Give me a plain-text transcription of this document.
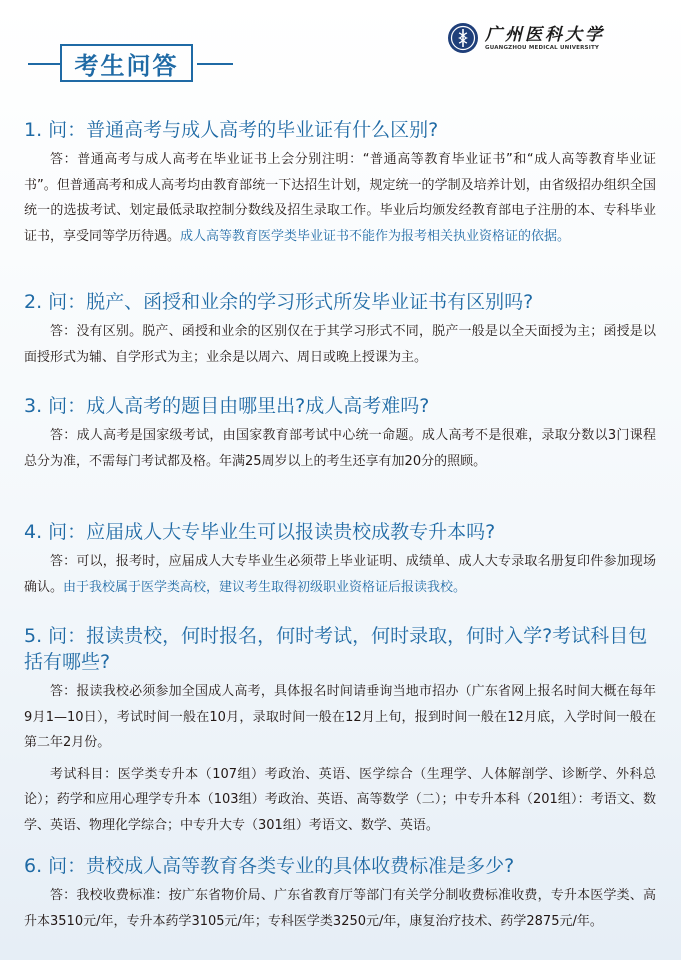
考生问答
广州医科大学
GUANGZHOU MEDICAL UNIVERSITY
1. 问：普通高考与成人高考的毕业证有什么区别?

答：普通高考与成人高考在毕业证书上会分别注明：“普通高等教育毕业证书”和“成人高等教育毕业证书”。但普通高考和成人高考均由教育部统一下达招生计划，规定统一的学制及培养计划，由省级招办组织全国统一的选拔考试、划定最低录取控制分数线及招生录取工作。毕业后均颁发经教育部电子注册的本、专科毕业证书，享受同等学历待遇。成人高等教育医学类毕业证书不能作为报考相关执业资格证的依据。

2. 问：脱产、函授和业余的学习形式所发毕业证书有区别吗?

答：没有区别。脱产、函授和业余的区别仅在于其学习形式不同，脱产一般是以全天面授为主；函授是以面授形式为辅、自学形式为主；业余是以周六、周日或晚上授课为主。

3. 问：成人高考的题目由哪里出?成人高考难吗?

答：成人高考是国家级考试，由国家教育部考试中心统一命题。成人高考不是很难，录取分数以3门课程总分为准，不需每门考试都及格。年满25周岁以上的考生还享有加20分的照顾。

4. 问：应届成人大专毕业生可以报读贵校成教专升本吗?

答：可以，报考时，应届成人大专毕业生必须带上毕业证明、成绩单、成人大专录取名册复印件参加现场确认。由于我校属于医学类高校，建议考生取得初级职业资格证后报读我校。

5. 问：报读贵校，何时报名，何时考试，何时录取，何时入学?考试科目包括有哪些?

答：报读我校必须参加全国成人高考，具体报名时间请垂询当地市招办（广东省网上报名时间大概在每年9月1—10日），考试时间一般在10月，录取时间一般在12月上旬，报到时间一般在12月底，入学时间一般在第二年2月份。

考试科目：医学类专升本（107组）考政治、英语、医学综合（生理学、人体解剖学、诊断学、外科总论）；药学和应用心理学专升本（103组）考政治、英语、高等数学（二）；中专升本科（201组）：考语文、数学、英语、物理化学综合；中专升大专（301组）考语文、数学、英语。

6. 问：贵校成人高等教育各类专业的具体收费标准是多少?

答：我校收费标准：按广东省物价局、广东省教育厅等部门有关学分制收费标准收费，专升本医学类、高升本3510元/年，专升本药学3105元/年；专科医学类3250元/年，康复治疗技术、药学2875元/年。
